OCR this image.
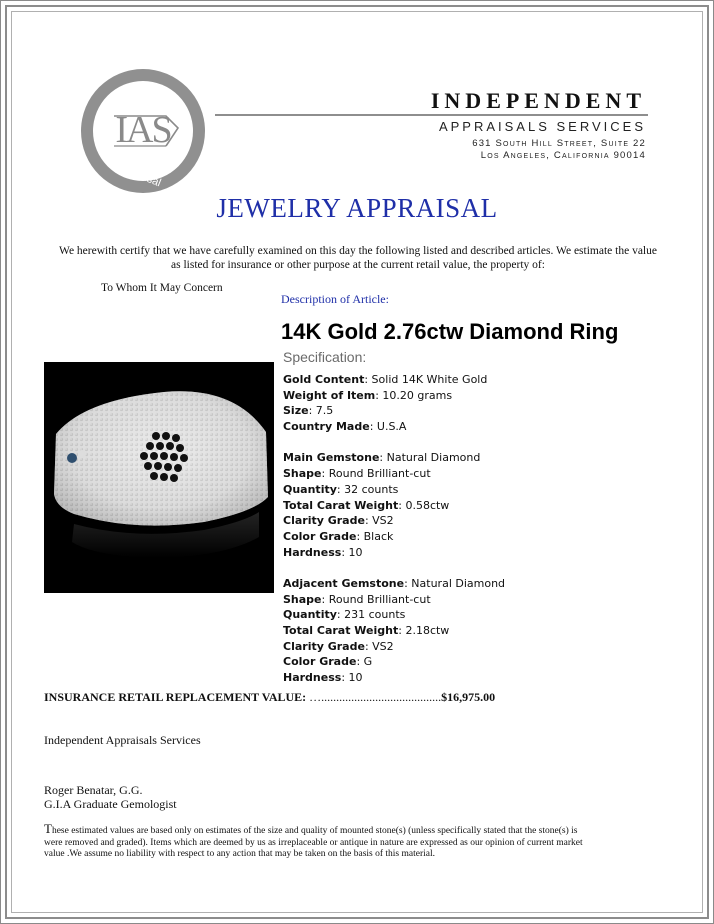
IAS
Appraisal
INDEPENDENT
APPRAISALS SERVICES
631 South Hill Street, Suite 22
Los Angeles, California 90014
JEWELRY APPRAISAL
We herewith certify that we have carefully examined on this day the following listed and described articles. We estimate the value as listed for insurance or other purpose at the current retail value, the property of:
To Whom It May Concern
Description of Article:
14K Gold 2.76ctw Diamond Ring
Specification:
Gold Content: Solid 14K White Gold
Weight of Item: 10.20 grams
Size: 7.5
Country Made: U.S.A
Main Gemstone: Natural Diamond
Shape: Round Brilliant-cut
Quantity: 32 counts
Total Carat Weight: 0.58ctw
Clarity Grade: VS2
Color Grade: Black
Hardness: 10
Adjacent Gemstone: Natural Diamond
Shape: Round Brilliant-cut
Quantity: 231 counts
Total Carat Weight: 2.18ctw
Clarity Grade: VS2
Color Grade: G
Hardness: 10
INSURANCE RETAIL REPLACEMENT VALUE: …........................................$16,975.00
Independent Appraisals Services
Roger Benatar, G.G.
G.I.A Graduate Gemologist
These estimated values are based only on estimates of the size and quality of mounted stone(s) (unless specifically stated that the stone(s) is were removed and graded). Items which are deemed by us as irreplaceable or antique in nature are expressed as our opinion of current market value .We assume no liability with respect to any action that may be taken on the basis of this material.
